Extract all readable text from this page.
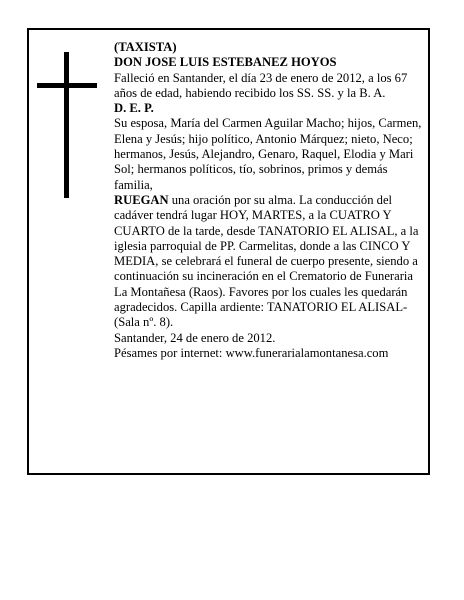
(TAXISTA)

DON JOSE LUIS ESTEBANEZ HOYOS

Falleció en Santander, el día 23 de enero de 2012, a los 67 años de edad, habiendo recibido los SS. SS. y la B. A.

D. E. P.

Su esposa, María del Carmen Aguilar Macho; hijos, Carmen, Elena y Jesús; hijo político, Antonio Márquez; nieto, Neco; hermanos, Jesús, Alejandro, Genaro, Raquel, Elodia y Mari Sol; hermanos políticos, tío, sobrinos, primos y demás familia,

RUEGAN una oración por su alma. La conducción del cadáver tendrá lugar HOY, MARTES, a la CUATRO Y CUARTO de la tarde, desde TANATORIO EL ALISAL, a la iglesia parroquial de PP. Carmelitas, donde a las CINCO Y MEDIA, se celebrará el funeral de cuerpo presente, siendo a continuación su incineración en el Crematorio de Funeraria La Montañesa (Raos). Favores por los cuales les quedarán agradecidos. Capilla ardiente: TANATORIO EL ALISAL-(Sala nº. 8).

Santander, 24 de enero de 2012.

Pésames por internet: www.funerarialamontanesa.com
